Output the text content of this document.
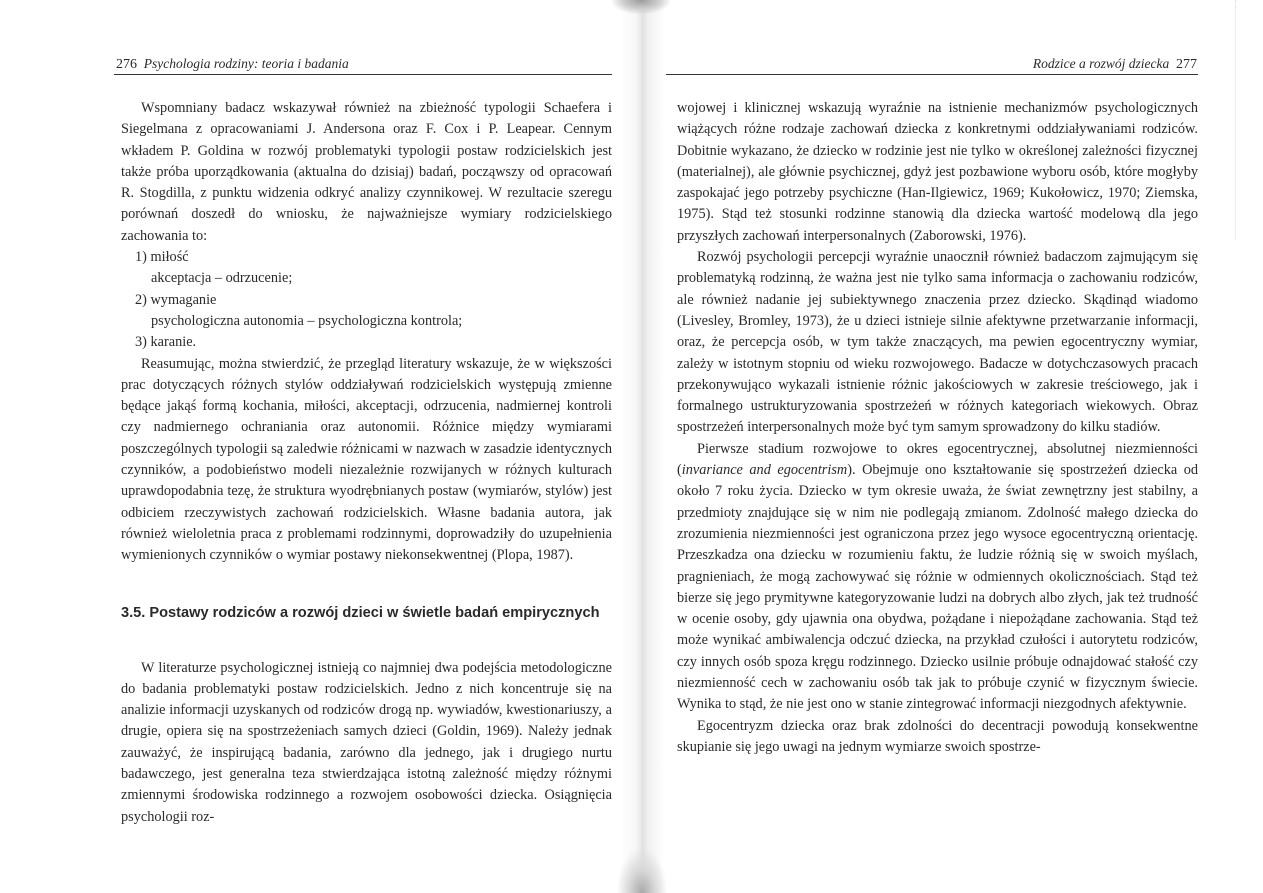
276 Psychologia rodziny: teoria i badania

Wspomniany badacz wskazywał również na zbieżność typologii Schaefera i Siegelmana z opracowaniami J. Andersona oraz F. Cox i P. Leapear. Cennym wkładem P. Goldina w rozwój problematyki typologii postaw rodzicielskich jest także próba uporządkowania (aktualna do dzisiaj) badań, począwszy od opracowań R. Stogdilla, z punktu widzenia odkryć analizy czynnikowej. W rezultacie szeregu porównań doszedł do wniosku, że najważniejsze wymiary rodzicielskiego zachowania to:

1) miłość
akceptacja – odrzucenie;
2) wymaganie
psychologiczna autonomia – psychologiczna kontrola;
3) karanie.

Reasumując, można stwierdzić, że przegląd literatury wskazuje, że w większości prac dotyczących różnych stylów oddziaływań rodzicielskich występują zmienne będące jakąś formą kochania, miłości, akceptacji, odrzucenia, nadmiernej kontroli czy nadmiernego ochraniania oraz autonomii. Różnice między wymiarami poszczególnych typologii są zaledwie różnicami w nazwach w zasadzie identycznych czynników, a podobieństwo modeli niezależnie rozwijanych w różnych kulturach uprawdopodabnia tezę, że struktura wyodrębnianych postaw (wymiarów, stylów) jest odbiciem rzeczywistych zachowań rodzicielskich. Własne badania autora, jak również wieloletnia praca z problemami rodzinnymi, doprowadziły do uzupełnienia wymienionych czynników o wymiar postawy niekonsekwentnej (Plopa, 1987).

3.5. Postawy rodziców a rozwój dzieci w świetle badań empirycznych

W literaturze psychologicznej istnieją co najmniej dwa podejścia metodologiczne do badania problematyki postaw rodzicielskich. Jedno z nich koncentruje się na analizie informacji uzyskanych od rodziców drogą np. wywiadów, kwestionariuszy, a drugie, opiera się na spostrzeżeniach samych dzieci (Goldin, 1969). Należy jednak zauważyć, że inspirującą badania, zarówno dla jednego, jak i drugiego nurtu badawczego, jest generalna teza stwierdzająca istotną zależność między różnymi zmiennymi środowiska rodzinnego a rozwojem osobowości dziecka. Osiągnięcia psychologii roz-

Rodzice a rozwój dziecka 277

wojowej i klinicznej wskazują wyraźnie na istnienie mechanizmów psychologicznych wiążących różne rodzaje zachowań dziecka z konkretnymi oddziaływaniami rodziców. Dobitnie wykazano, że dziecko w rodzinie jest nie tylko w określonej zależności fizycznej (materialnej), ale głównie psychicznej, gdyż jest pozbawione wyboru osób, które mogłyby zaspokajać jego potrzeby psychiczne (Han-Ilgiewicz, 1969; Kukołowicz, 1970; Ziemska, 1975). Stąd też stosunki rodzinne stanowią dla dziecka wartość modelową dla jego przyszłych zachowań interpersonalnych (Zaborowski, 1976).

Rozwój psychologii percepcji wyraźnie unaocznił również badaczom zajmującym się problematyką rodzinną, że ważna jest nie tylko sama informacja o zachowaniu rodziców, ale również nadanie jej subiektywnego znaczenia przez dziecko. Skądinąd wiadomo (Livesley, Bromley, 1973), że u dzieci istnieje silnie afektywne przetwarzanie informacji, oraz, że percepcja osób, w tym także znaczących, ma pewien egocentryczny wymiar, zależy w istotnym stopniu od wieku rozwojowego. Badacze w dotychczasowych pracach przekonywująco wykazali istnienie różnic jakościowych w zakresie treściowego, jak i formalnego ustrukturyzowania spostrzeżeń w różnych kategoriach wiekowych. Obraz spostrzeżeń interpersonalnych może być tym samym sprowadzony do kilku stadiów.

Pierwsze stadium rozwojowe to okres egocentrycznej, absolutnej niezmienności (invariance and egocentrism). Obejmuje ono kształtowanie się spostrzeżeń dziecka od około 7 roku życia. Dziecko w tym okresie uważa, że świat zewnętrzny jest stabilny, a przedmioty znajdujące się w nim nie podlegają zmianom. Zdolność małego dziecka do zrozumienia niezmienności jest ograniczona przez jego wysoce egocentryczną orientację. Przeszkadza ona dziecku w rozumieniu faktu, że ludzie różnią się w swoich myślach, pragnieniach, że mogą zachowywać się różnie w odmiennych okolicznościach. Stąd też bierze się jego prymitywne kategoryzowanie ludzi na dobrych albo złych, jak też trudność w ocenie osoby, gdy ujawnia ona obydwa, pożądane i niepożądane zachowania. Stąd też może wynikać ambiwalencja odczuć dziecka, na przykład czułości i autorytetu rodziców, czy innych osób spoza kręgu rodzinnego. Dziecko usilnie próbuje odnajdować stałość czy niezmienność cech w zachowaniu osób tak jak to próbuje czynić w fizycznym świecie. Wynika to stąd, że nie jest ono w stanie zintegrować informacji niezgodnych afektywnie.

Egocentryzm dziecka oraz brak zdolności do decentracji powodują konsekwentne skupianie się jego uwagi na jednym wymiarze swoich spostrze-
